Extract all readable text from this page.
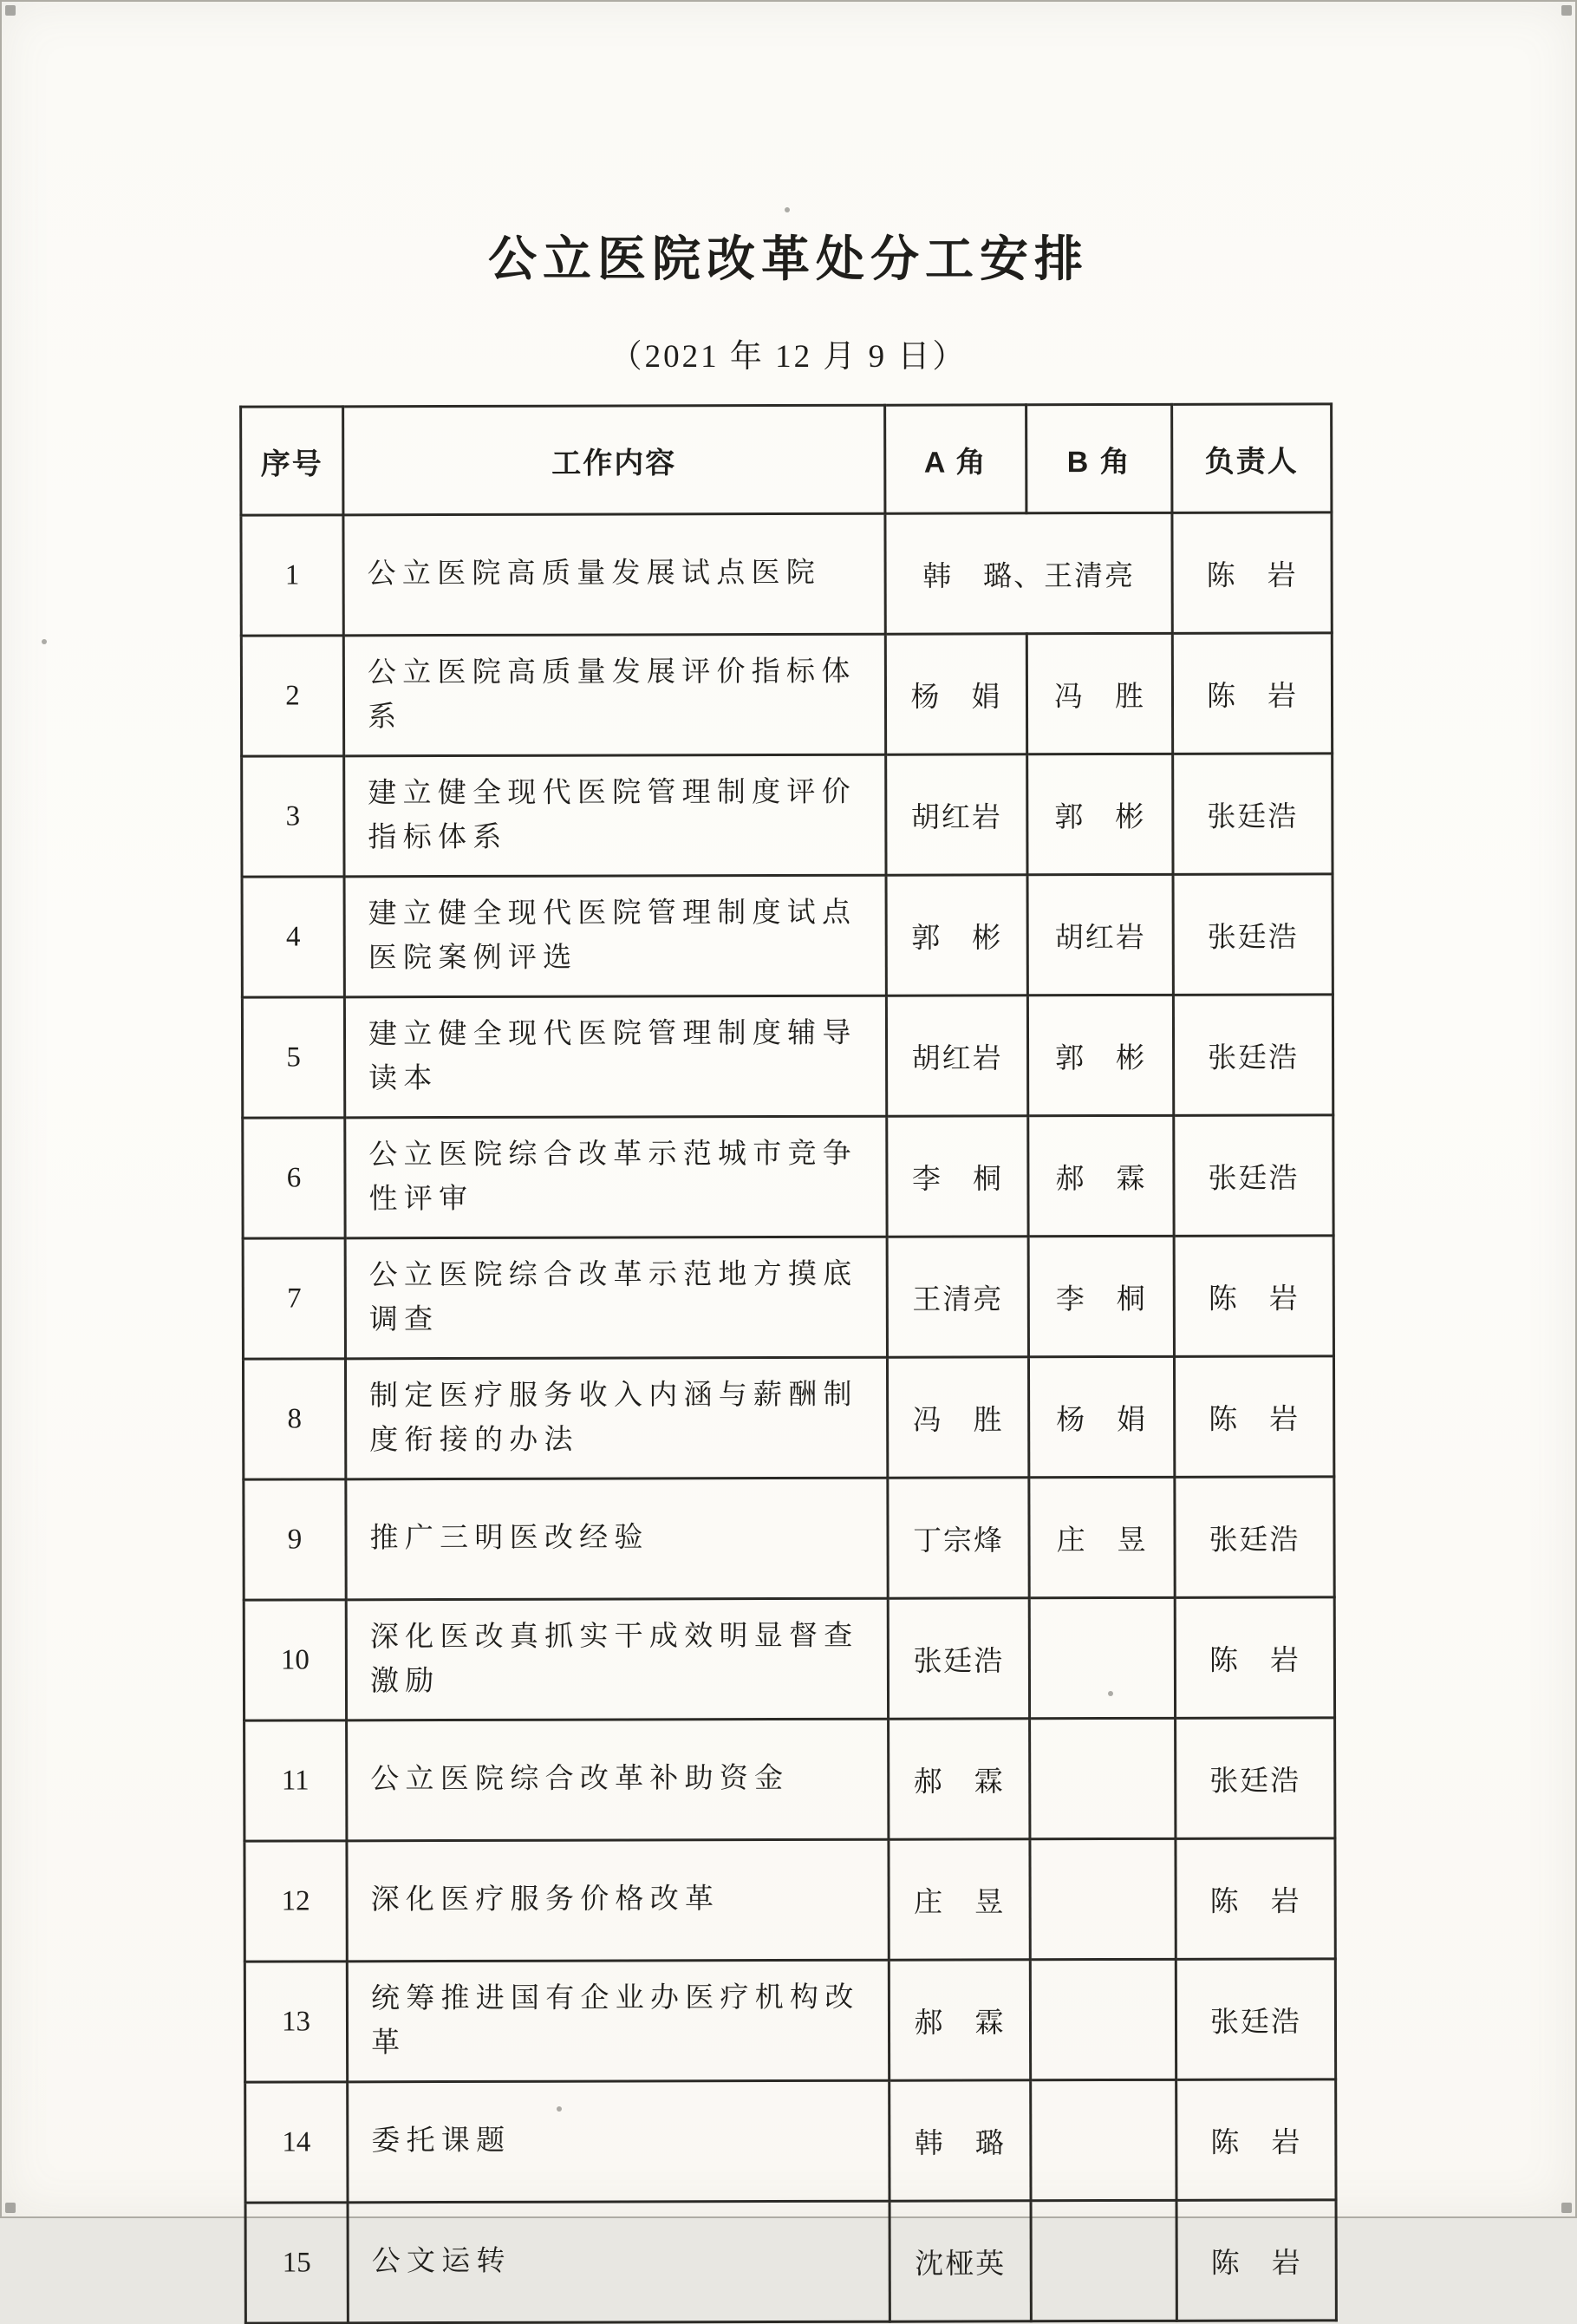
公立医院改革处分工安排
（2021 年 12 月 9 日）
序号	工作内容	A 角	B 角	负责人
1	公立医院高质量发展试点医院	韩　璐、王清亮		陈　岩
2	公立医院高质量发展评价指标体系	杨　娟	冯　胜	陈　岩
3	建立健全现代医院管理制度评价指标体系	胡红岩	郭　彬	张廷浩
4	建立健全现代医院管理制度试点医院案例评选	郭　彬	胡红岩	张廷浩
5	建立健全现代医院管理制度辅导读本	胡红岩	郭　彬	张廷浩
6	公立医院综合改革示范城市竞争性评审	李　桐	郝　霖	张廷浩
7	公立医院综合改革示范地方摸底调查	王清亮	李　桐	陈　岩
8	制定医疗服务收入内涵与薪酬制度衔接的办法	冯　胜	杨　娟	陈　岩
9	推广三明医改经验	丁宗烽	庄　昱	张廷浩
10	深化医改真抓实干成效明显督查激励	张廷浩		陈　岩
11	公立医院综合改革补助资金	郝　霖		张廷浩
12	深化医疗服务价格改革	庄　昱		陈　岩
13	统筹推进国有企业办医疗机构改革	郝　霖		张廷浩
14	委托课题	韩　璐		陈　岩
15	公文运转	沈桠英		陈　岩
